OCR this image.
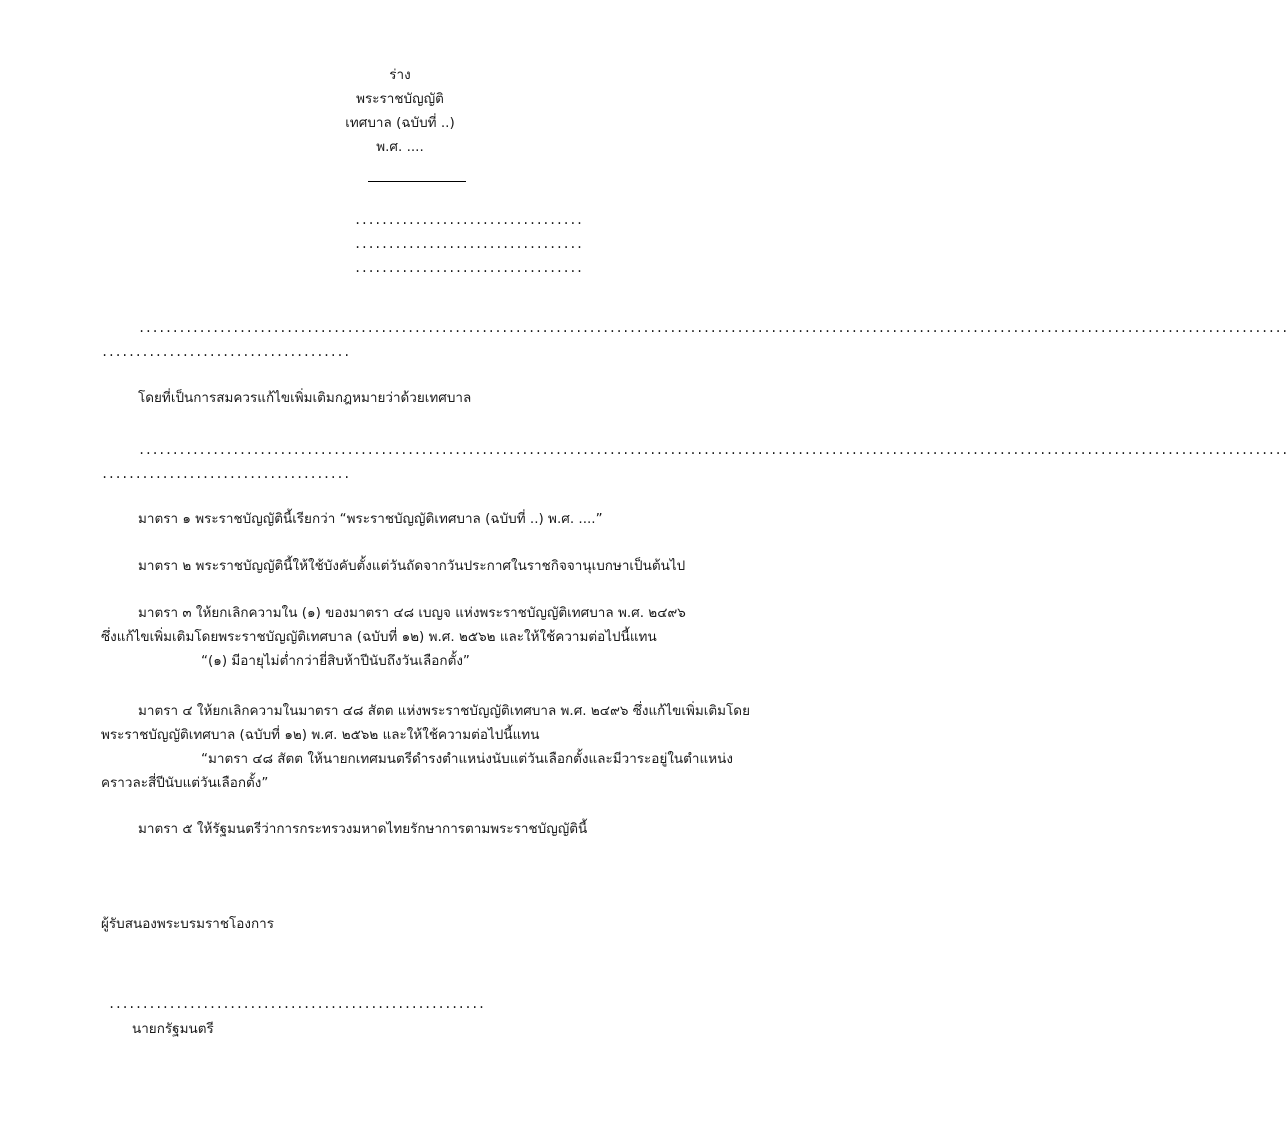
ร่าง
พระราชบัญญัติ
เทศบาล (ฉบับที่ ..)
พ.ศ. ....
..................................
..................................
..................................
...........................................................................................................................................................................
.....................................
โดยที่เป็นการสมควรแก้ไขเพิ่มเติมกฎหมายว่าด้วยเทศบาล
...........................................................................................................................................................................
.....................................
มาตรา ๑ พระราชบัญญัตินี้เรียกว่า “พระราชบัญญัติเทศบาล (ฉบับที่ ..) พ.ศ. ....”
มาตรา ๒ พระราชบัญญัตินี้ให้ใช้บังคับตั้งแต่วันถัดจากวันประกาศในราชกิจจานุเบกษาเป็นต้นไป
มาตรา ๓ ให้ยกเลิกความใน (๑) ของมาตรา ๔๘ เบญจ แห่งพระราชบัญญัติเทศบาล พ.ศ. ๒๔๙๖
ซึ่งแก้ไขเพิ่มเติมโดยพระราชบัญญัติเทศบาล (ฉบับที่ ๑๒) พ.ศ. ๒๕๖๒ และให้ใช้ความต่อไปนี้แทน
“(๑) มีอายุไม่ต่ำกว่ายี่สิบห้าปีนับถึงวันเลือกตั้ง”
มาตรา ๔ ให้ยกเลิกความในมาตรา ๔๘ สัตต แห่งพระราชบัญญัติเทศบาล พ.ศ. ๒๔๙๖ ซึ่งแก้ไขเพิ่มเติมโดย
พระราชบัญญัติเทศบาล (ฉบับที่ ๑๒) พ.ศ. ๒๕๖๒ และให้ใช้ความต่อไปนี้แทน
“มาตรา ๔๘ สัตต ให้นายกเทศมนตรีดำรงตำแหน่งนับแต่วันเลือกตั้งและมีวาระอยู่ในตำแหน่ง
คราวละสี่ปีนับแต่วันเลือกตั้ง”
มาตรา ๕ ให้รัฐมนตรีว่าการกระทรวงมหาดไทยรักษาการตามพระราชบัญญัตินี้
ผู้รับสนองพระบรมราชโองการ
........................................................
นายกรัฐมนตรี
